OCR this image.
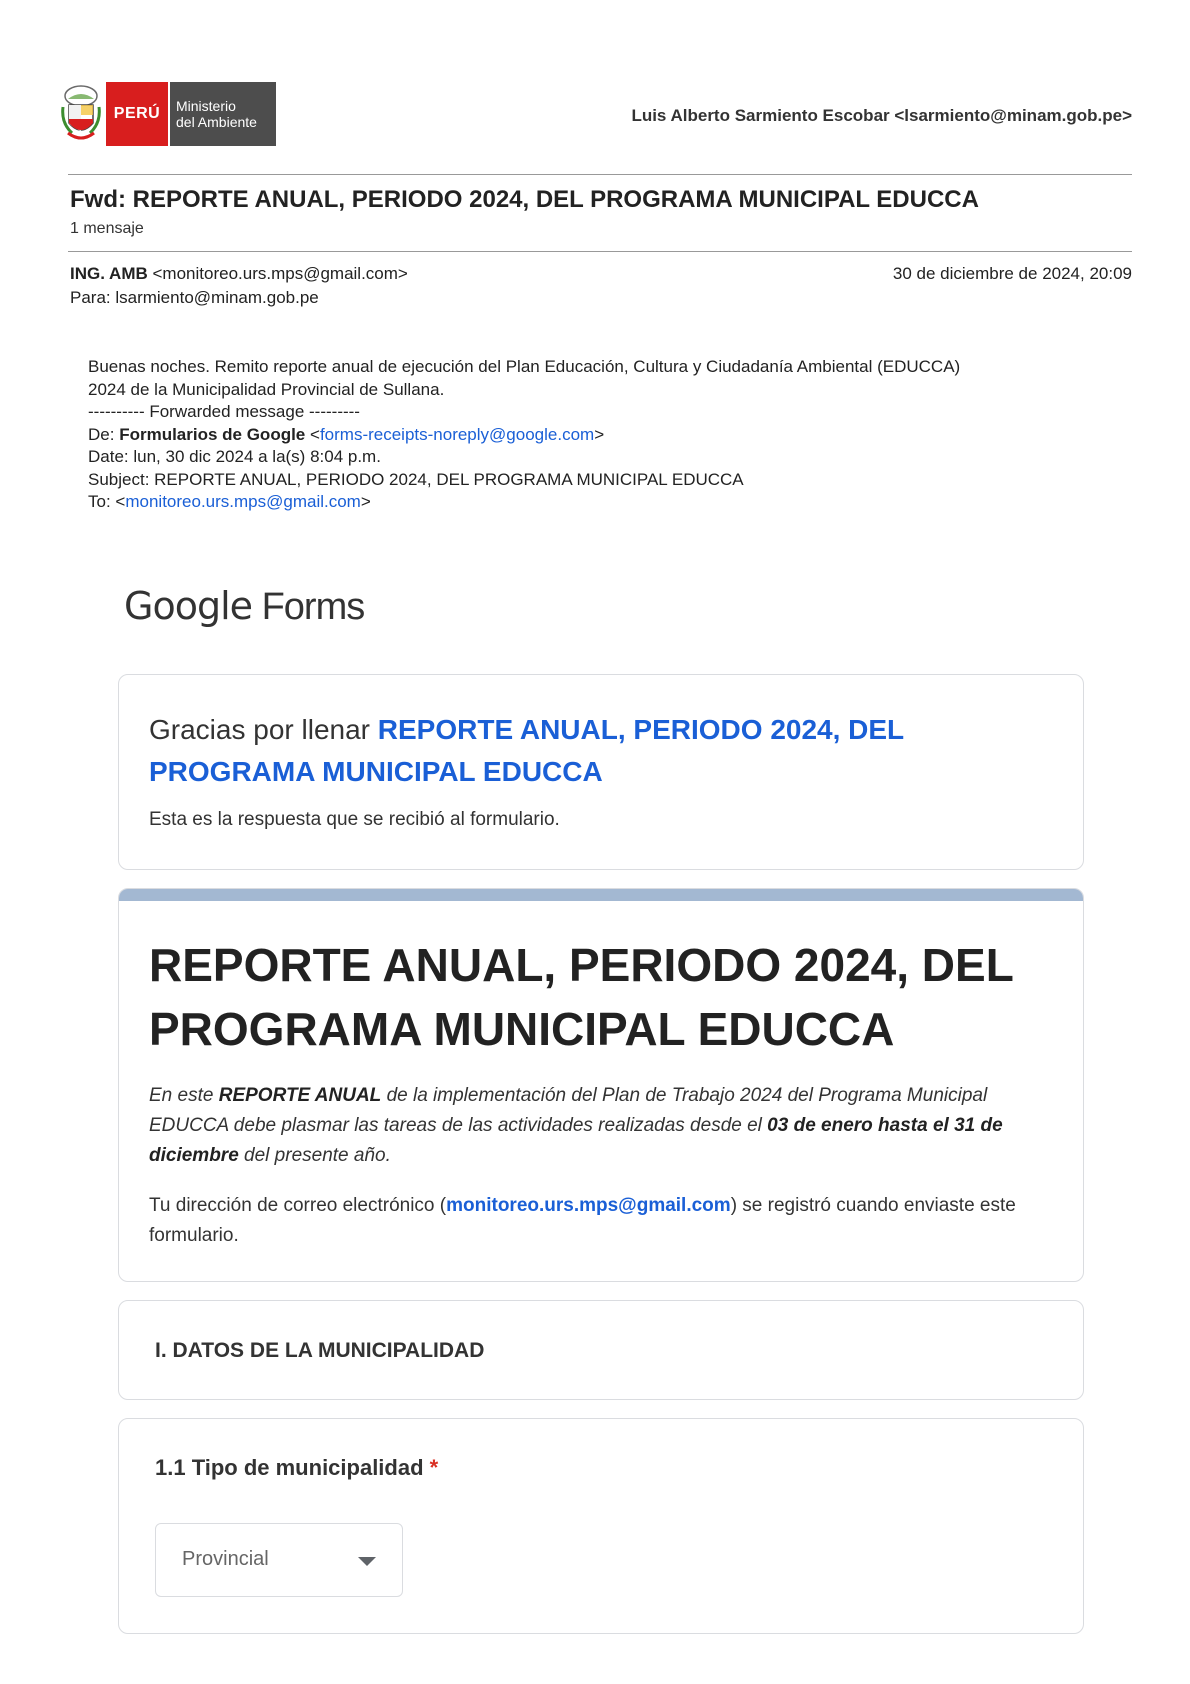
PERÚ	Ministerio
del Ambiente	Luis Alberto Sarmiento Escobar <lsarmiento@minam.gob.pe>
Fwd: REPORTE ANUAL, PERIODO 2024, DEL PROGRAMA MUNICIPAL EDUCCA
1 mensaje
ING. AMB <monitoreo.urs.mps@gmail.com>	30 de diciembre de 2024, 20:09
Para: lsarmiento@minam.gob.pe
Buenas noches. Remito reporte anual de ejecución del Plan Educación, Cultura y Ciudadanía Ambiental (EDUCCA)
2024 de la Municipalidad Provincial de Sullana.
---------- Forwarded message ---------
De: Formularios de Google <forms-receipts-noreply@google.com>
Date: lun, 30 dic 2024 a la(s) 8:04 p.m.
Subject: REPORTE ANUAL, PERIODO 2024, DEL PROGRAMA MUNICIPAL EDUCCA
To: <monitoreo.urs.mps@gmail.com>
Google Forms
Gracias por llenar REPORTE ANUAL, PERIODO 2024, DEL PROGRAMA MUNICIPAL EDUCCA
Esta es la respuesta que se recibió al formulario.
REPORTE ANUAL, PERIODO 2024, DEL
PROGRAMA MUNICIPAL EDUCCA
En este REPORTE ANUAL de la implementación del Plan de Trabajo 2024 del Programa Municipal EDUCCA debe plasmar las tareas de las actividades realizadas desde el 03 de enero hasta el 31 de diciembre del presente año.
Tu dirección de correo electrónico (monitoreo.urs.mps@gmail.com) se registró cuando enviaste este formulario.
I. DATOS DE LA MUNICIPALIDAD
1.1 Tipo de municipalidad *
Provincial
